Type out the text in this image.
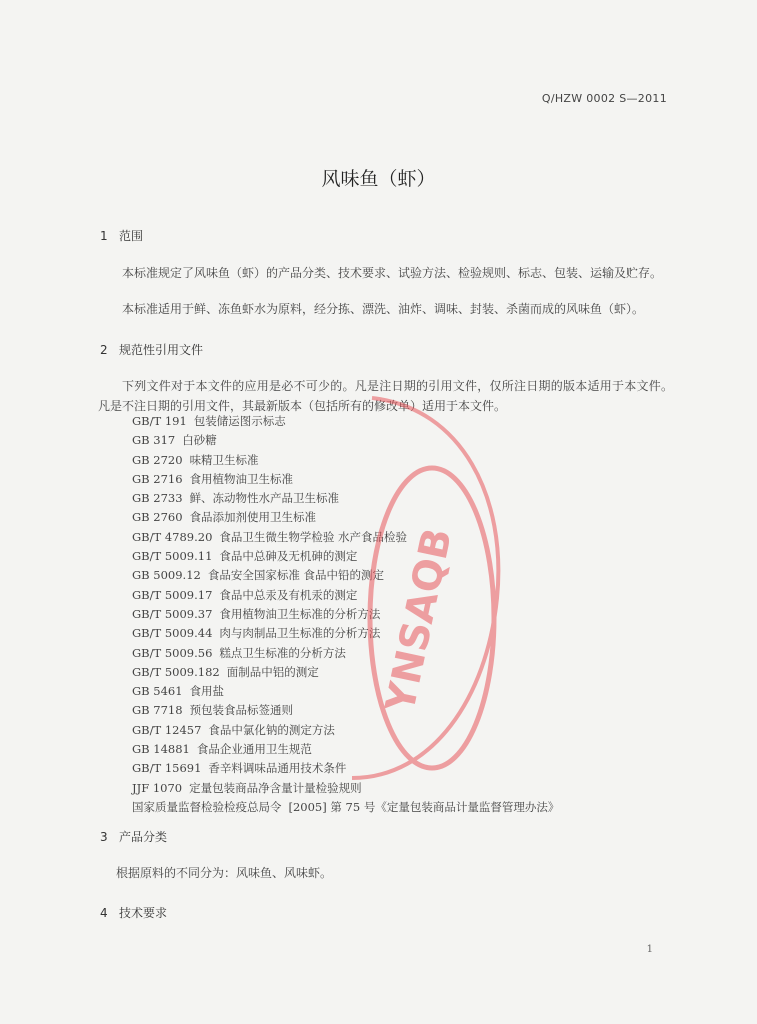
Q/HZW 0002 S—2011
风味鱼（虾）
1 范围
本标准规定了风味鱼（虾）的产品分类、技术要求、试验方法、检验规则、标志、包装、运输及贮存。
本标准适用于鲜、冻鱼虾水为原料，经分拣、漂洗、油炸、调味、封装、杀菌而成的风味鱼（虾）。
2 规范性引用文件
下列文件对于本文件的应用是必不可少的。凡是注日期的引用文件，仅所注日期的版本适用于本文件。凡是不注日期的引用文件，其最新版本（包括所有的修改单）适用于本文件。
GB/T 191 包装储运图示标志
GB 317 白砂糖
GB 2720 味精卫生标准
GB 2716 食用植物油卫生标准
GB 2733 鲜、冻动物性水产品卫生标准
GB 2760 食品添加剂使用卫生标准
GB/T 4789.20 食品卫生微生物学检验 水产食品检验
GB/T 5009.11 食品中总砷及无机砷的测定
GB 5009.12 食品安全国家标准 食品中铅的测定
GB/T 5009.17 食品中总汞及有机汞的测定
GB/T 5009.37 食用植物油卫生标准的分析方法
GB/T 5009.44 肉与肉制品卫生标准的分析方法
GB/T 5009.56 糕点卫生标准的分析方法
GB/T 5009.182 面制品中铝的测定
GB 5461 食用盐
GB 7718 预包装食品标签通则
GB/T 12457 食品中氯化钠的测定方法
GB 14881 食品企业通用卫生规范
GB/T 15691 香辛料调味品通用技术条件
JJF 1070 定量包装商品净含量计量检验规则
国家质量监督检验检疫总局令 [2005] 第 75 号《定量包装商品计量监督管理办法》
3 产品分类
根据原料的不同分为：风味鱼、风味虾。
4 技术要求
1
YNSAQB
